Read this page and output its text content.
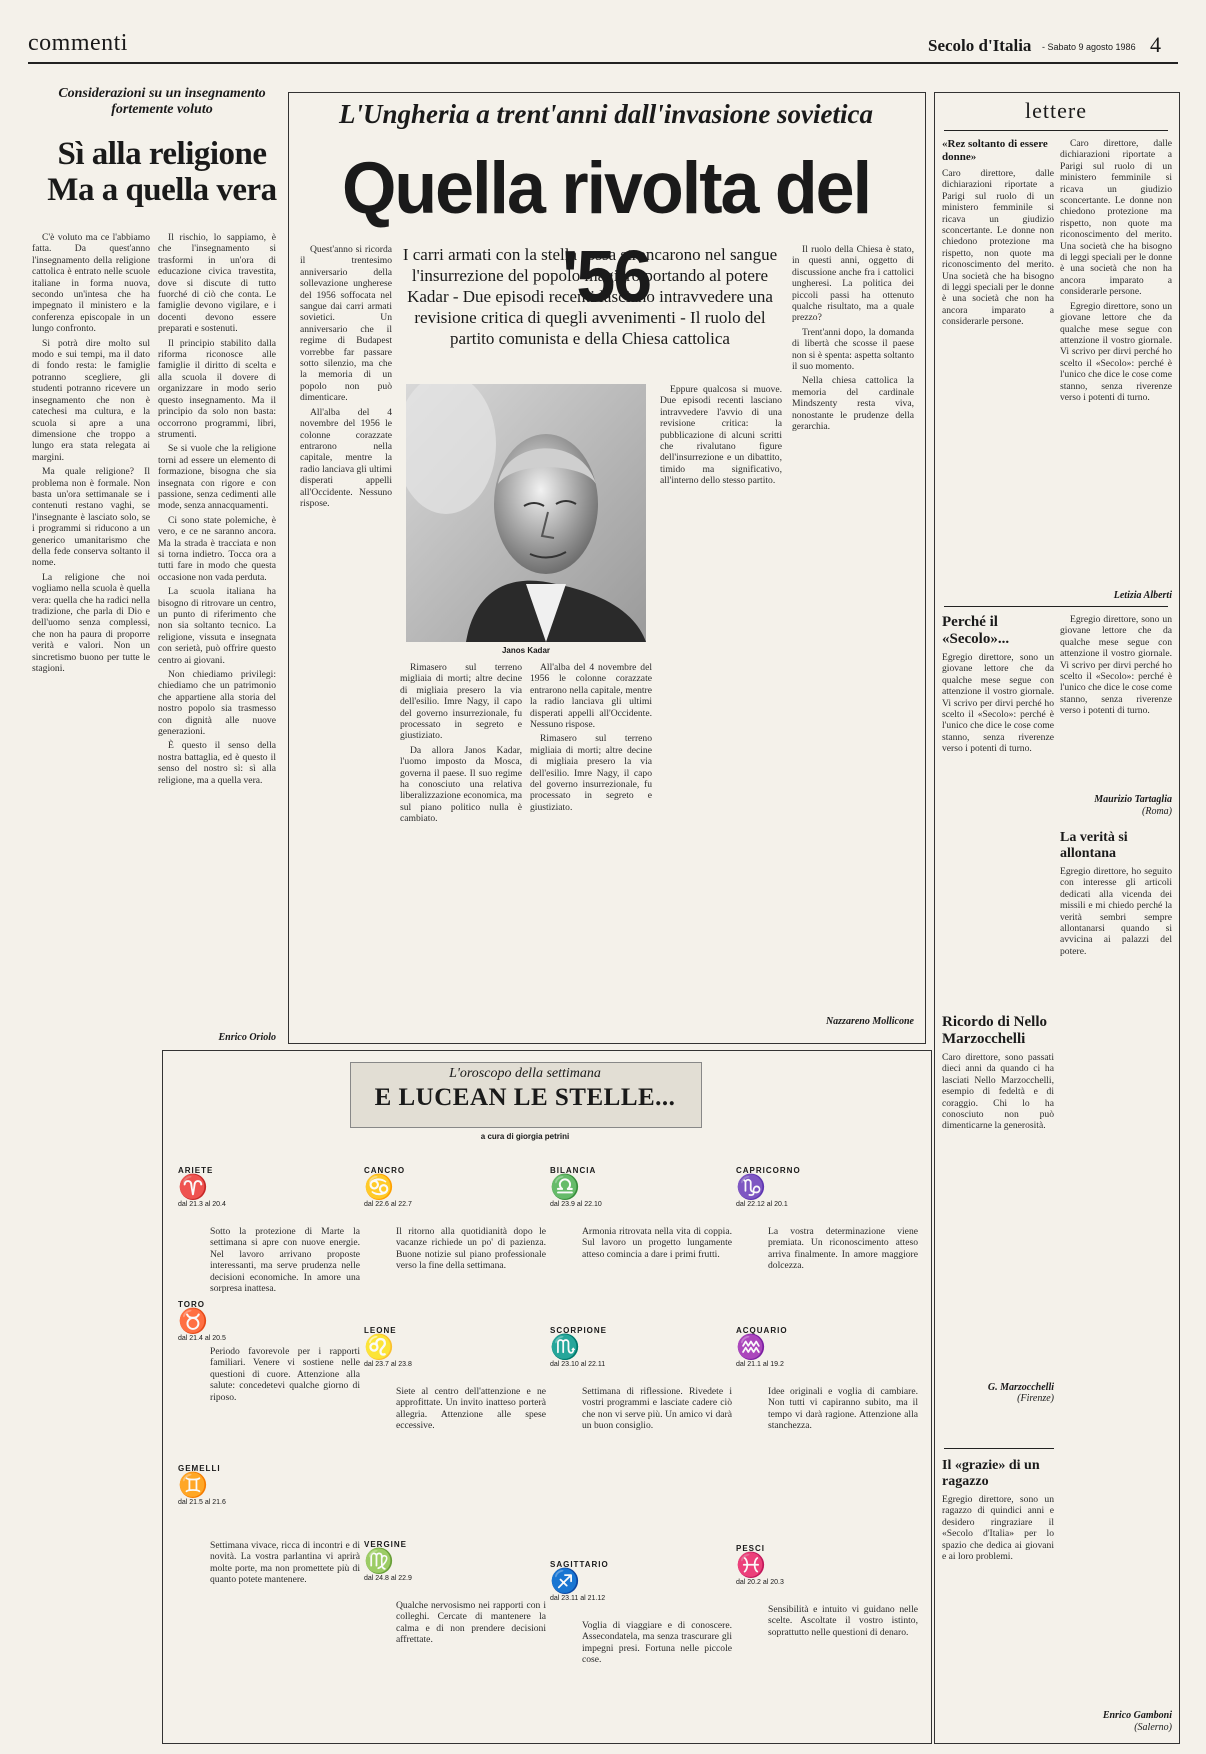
commenti	Secolo d'Italia - Sabato 9 agosto 1986 4
Considerazioni su un insegnamento fortemente voluto
Sì alla religione
Ma a quella vera

C'è voluto ma ce l'abbiamo fatta. Da quest'anno l'insegnamento della religione cattolica è entrato nelle scuole italiane in forma nuova, secondo un'intesa che ha impegnato il ministero e la conferenza episcopale in un lungo confronto.

Si potrà dire molto sul modo e sui tempi, ma il dato di fondo resta: le famiglie potranno scegliere, gli studenti potranno ricevere un insegnamento che non è catechesi ma cultura, e la scuola si apre a una dimensione che troppo a lungo era stata relegata ai margini.

Ma quale religione? Il problema non è formale. Non basta un'ora settimanale se i contenuti restano vaghi, se l'insegnante è lasciato solo, se i programmi si riducono a un generico umanitarismo che della fede conserva soltanto il nome.

La religione che noi vogliamo nella scuola è quella vera: quella che ha radici nella tradizione, che parla di Dio e dell'uomo senza complessi, che non ha paura di proporre verità e valori. Non un sincretismo buono per tutte le stagioni.

Il rischio, lo sappiamo, è che l'insegnamento si trasformi in un'ora di educazione civica travestita, dove si discute di tutto fuorché di ciò che conta. Le famiglie devono vigilare, e i docenti devono essere preparati e sostenuti.

Il principio stabilito dalla riforma riconosce alle famiglie il diritto di scelta e alla scuola il dovere di organizzare in modo serio questo insegnamento. Ma il principio da solo non basta: occorrono programmi, libri, strumenti.

Se si vuole che la religione torni ad essere un elemento di formazione, bisogna che sia insegnata con rigore e con passione, senza cedimenti alle mode, senza annacquamenti.

Ci sono state polemiche, è vero, e ce ne saranno ancora. Ma la strada è tracciata e non si torna indietro. Tocca ora a tutti fare in modo che questa occasione non vada perduta.

La scuola italiana ha bisogno di ritrovare un centro, un punto di riferimento che non sia soltanto tecnico. La religione, vissuta e insegnata con serietà, può offrire questo centro ai giovani.

Non chiediamo privilegi: chiediamo che un patrimonio che appartiene alla storia del nostro popolo sia trasmesso con dignità alle nuove generazioni.

È questo il senso della nostra battaglia, ed è questo il senso del nostro sì: sì alla religione, ma a quella vera.

Enrico Oriolo
L'Ungheria a trent'anni dall'invasione sovietica
Quella rivolta del '56

Quest'anno si ricorda il trentesimo anniversario della sollevazione ungherese del 1956 soffocata nel sangue dai carri armati sovietici. Un anniversario che il regime di Budapest vorrebbe far passare sotto silenzio, ma che la memoria di un popolo non può dimenticare.

All'alba del 4 novembre del 1956 le colonne corazzate entrarono nella capitale, mentre la radio lanciava gli ultimi disperati appelli all'Occidente. Nessuno rispose.

I carri armati con la stella rossa stroncarono nel sangue l'insurrezione del popolo magiaro portando al potere Kadar - Due episodi recenti lasciano intravvedere una revisione critica di quegli avvenimenti - Il ruolo del partito comunista e della Chiesa cattolica

Il ruolo della Chiesa è stato, in questi anni, oggetto di discussione anche fra i cattolici ungheresi. La politica dei piccoli passi ha ottenuto qualche risultato, ma a quale prezzo?

Trent'anni dopo, la domanda di libertà che scosse il paese non si è spenta: aspetta soltanto il suo momento.

Nella chiesa cattolica la memoria del cardinale Mindszenty resta viva, nonostante le prudenze della gerarchia.

Janos Kadar

Eppure qualcosa si muove. Due episodi recenti lasciano intravvedere l'avvio di una revisione critica: la pubblicazione di alcuni scritti che rivalutano figure dell'insurrezione e un dibattito, timido ma significativo, all'interno dello stesso partito.

Rimasero sul terreno migliaia di morti; altre decine di migliaia presero la via dell'esilio. Imre Nagy, il capo del governo insurrezionale, fu processato in segreto e giustiziato.

Da allora Janos Kadar, l'uomo imposto da Mosca, governa il paese. Il suo regime ha conosciuto una relativa liberalizzazione economica, ma sul piano politico nulla è cambiato.

All'alba del 4 novembre del 1956 le colonne corazzate entrarono nella capitale, mentre la radio lanciava gli ultimi disperati appelli all'Occidente. Nessuno rispose.

Rimasero sul terreno migliaia di morti; altre decine di migliaia presero la via dell'esilio. Imre Nagy, il capo del governo insurrezionale, fu processato in segreto e giustiziato.

Nazzareno Mollicone
lettere
«Rez soltanto di essere donne»
Caro direttore, dalle dichiarazioni riportate a Parigi sul ruolo di un ministero femminile si ricava un giudizio sconcertante. Le donne non chiedono protezione ma rispetto, non quote ma riconoscimento del merito. Una società che ha bisogno di leggi speciali per le donne è una società che non ha ancora imparato a considerarle persone.

Caro direttore, dalle dichiarazioni riportate a Parigi sul ruolo di un ministero femminile si ricava un giudizio sconcertante. Le donne non chiedono protezione ma rispetto, non quote ma riconoscimento del merito. Una società che ha bisogno di leggi speciali per le donne è una società che non ha ancora imparato a considerarle persone.

Egregio direttore, sono un giovane lettore che da qualche mese segue con attenzione il vostro giornale. Vi scrivo per dirvi perché ho scelto il «Secolo»: perché è l'unico che dice le cose come stanno, senza riverenze verso i potenti di turno.

Letizia Alberti
Perché il «Secolo»...
Egregio direttore, sono un giovane lettore che da qualche mese segue con attenzione il vostro giornale. Vi scrivo per dirvi perché ho scelto il «Secolo»: perché è l'unico che dice le cose come stanno, senza riverenze verso i potenti di turno.

Egregio direttore, sono un giovane lettore che da qualche mese segue con attenzione il vostro giornale. Vi scrivo per dirvi perché ho scelto il «Secolo»: perché è l'unico che dice le cose come stanno, senza riverenze verso i potenti di turno.

Maurizio Tartaglia
(Roma)
La verità si allontana
Egregio direttore, ho seguito con interesse gli articoli dedicati alla vicenda dei missili e mi chiedo perché la verità sembri sempre allontanarsi quando si avvicina ai palazzi del potere.
Ricordo di Nello Marzocchelli
Caro direttore, sono passati dieci anni da quando ci ha lasciati Nello Marzocchelli, esempio di fedeltà e di coraggio. Chi lo ha conosciuto non può dimenticarne la generosità.
G. Marzocchelli
(Firenze)
Il «grazie» di un ragazzo
Egregio direttore, sono un ragazzo di quindici anni e desidero ringraziare il «Secolo d'Italia» per lo spazio che dedica ai giovani e ai loro problemi.
Enrico Gamboni
(Salerno)
L'oroscopo della settimana
E LUCEAN LE STELLE...
a cura di giorgia petrini
ARIETE
♈
dal 21.3 al 20.4
Sotto la protezione di Marte la settimana si apre con nuove energie. Nel lavoro arrivano proposte interessanti, ma serve prudenza nelle decisioni economiche. In amore una sorpresa inattesa.
TORO
♉
dal 21.4 al 20.5
Periodo favorevole per i rapporti familiari. Venere vi sostiene nelle questioni di cuore. Attenzione alla salute: concedetevi qualche giorno di riposo.
GEMELLI
♊
dal 21.5 al 21.6
Settimana vivace, ricca di incontri e di novità. La vostra parlantina vi aprirà molte porte, ma non promettete più di quanto potete mantenere.
CANCRO
♋
dal 22.6 al 22.7
Il ritorno alla quotidianità dopo le vacanze richiede un po' di pazienza. Buone notizie sul piano professionale verso la fine della settimana.
LEONE
♌
dal 23.7 al 23.8
Siete al centro dell'attenzione e ne approfittate. Un invito inatteso porterà allegria. Attenzione alle spese eccessive.
VERGINE
♍
dal 24.8 al 22.9
Qualche nervosismo nei rapporti con i colleghi. Cercate di mantenere la calma e di non prendere decisioni affrettate.
BILANCIA
♎
dal 23.9 al 22.10
Armonia ritrovata nella vita di coppia. Sul lavoro un progetto lungamente atteso comincia a dare i primi frutti.
SCORPIONE
♏
dal 23.10 al 22.11
Settimana di riflessione. Rivedete i vostri programmi e lasciate cadere ciò che non vi serve più. Un amico vi darà un buon consiglio.
SAGITTARIO
♐
dal 23.11 al 21.12
Voglia di viaggiare e di conoscere. Assecondatela, ma senza trascurare gli impegni presi. Fortuna nelle piccole cose.
CAPRICORNO
♑
dal 22.12 al 20.1
La vostra determinazione viene premiata. Un riconoscimento atteso arriva finalmente. In amore maggiore dolcezza.
ACQUARIO
♒
dal 21.1 al 19.2
Idee originali e voglia di cambiare. Non tutti vi capiranno subito, ma il tempo vi darà ragione. Attenzione alla stanchezza.
PESCI
♓
dal 20.2 al 20.3
Sensibilità e intuito vi guidano nelle scelte. Ascoltate il vostro istinto, soprattutto nelle questioni di denaro.
